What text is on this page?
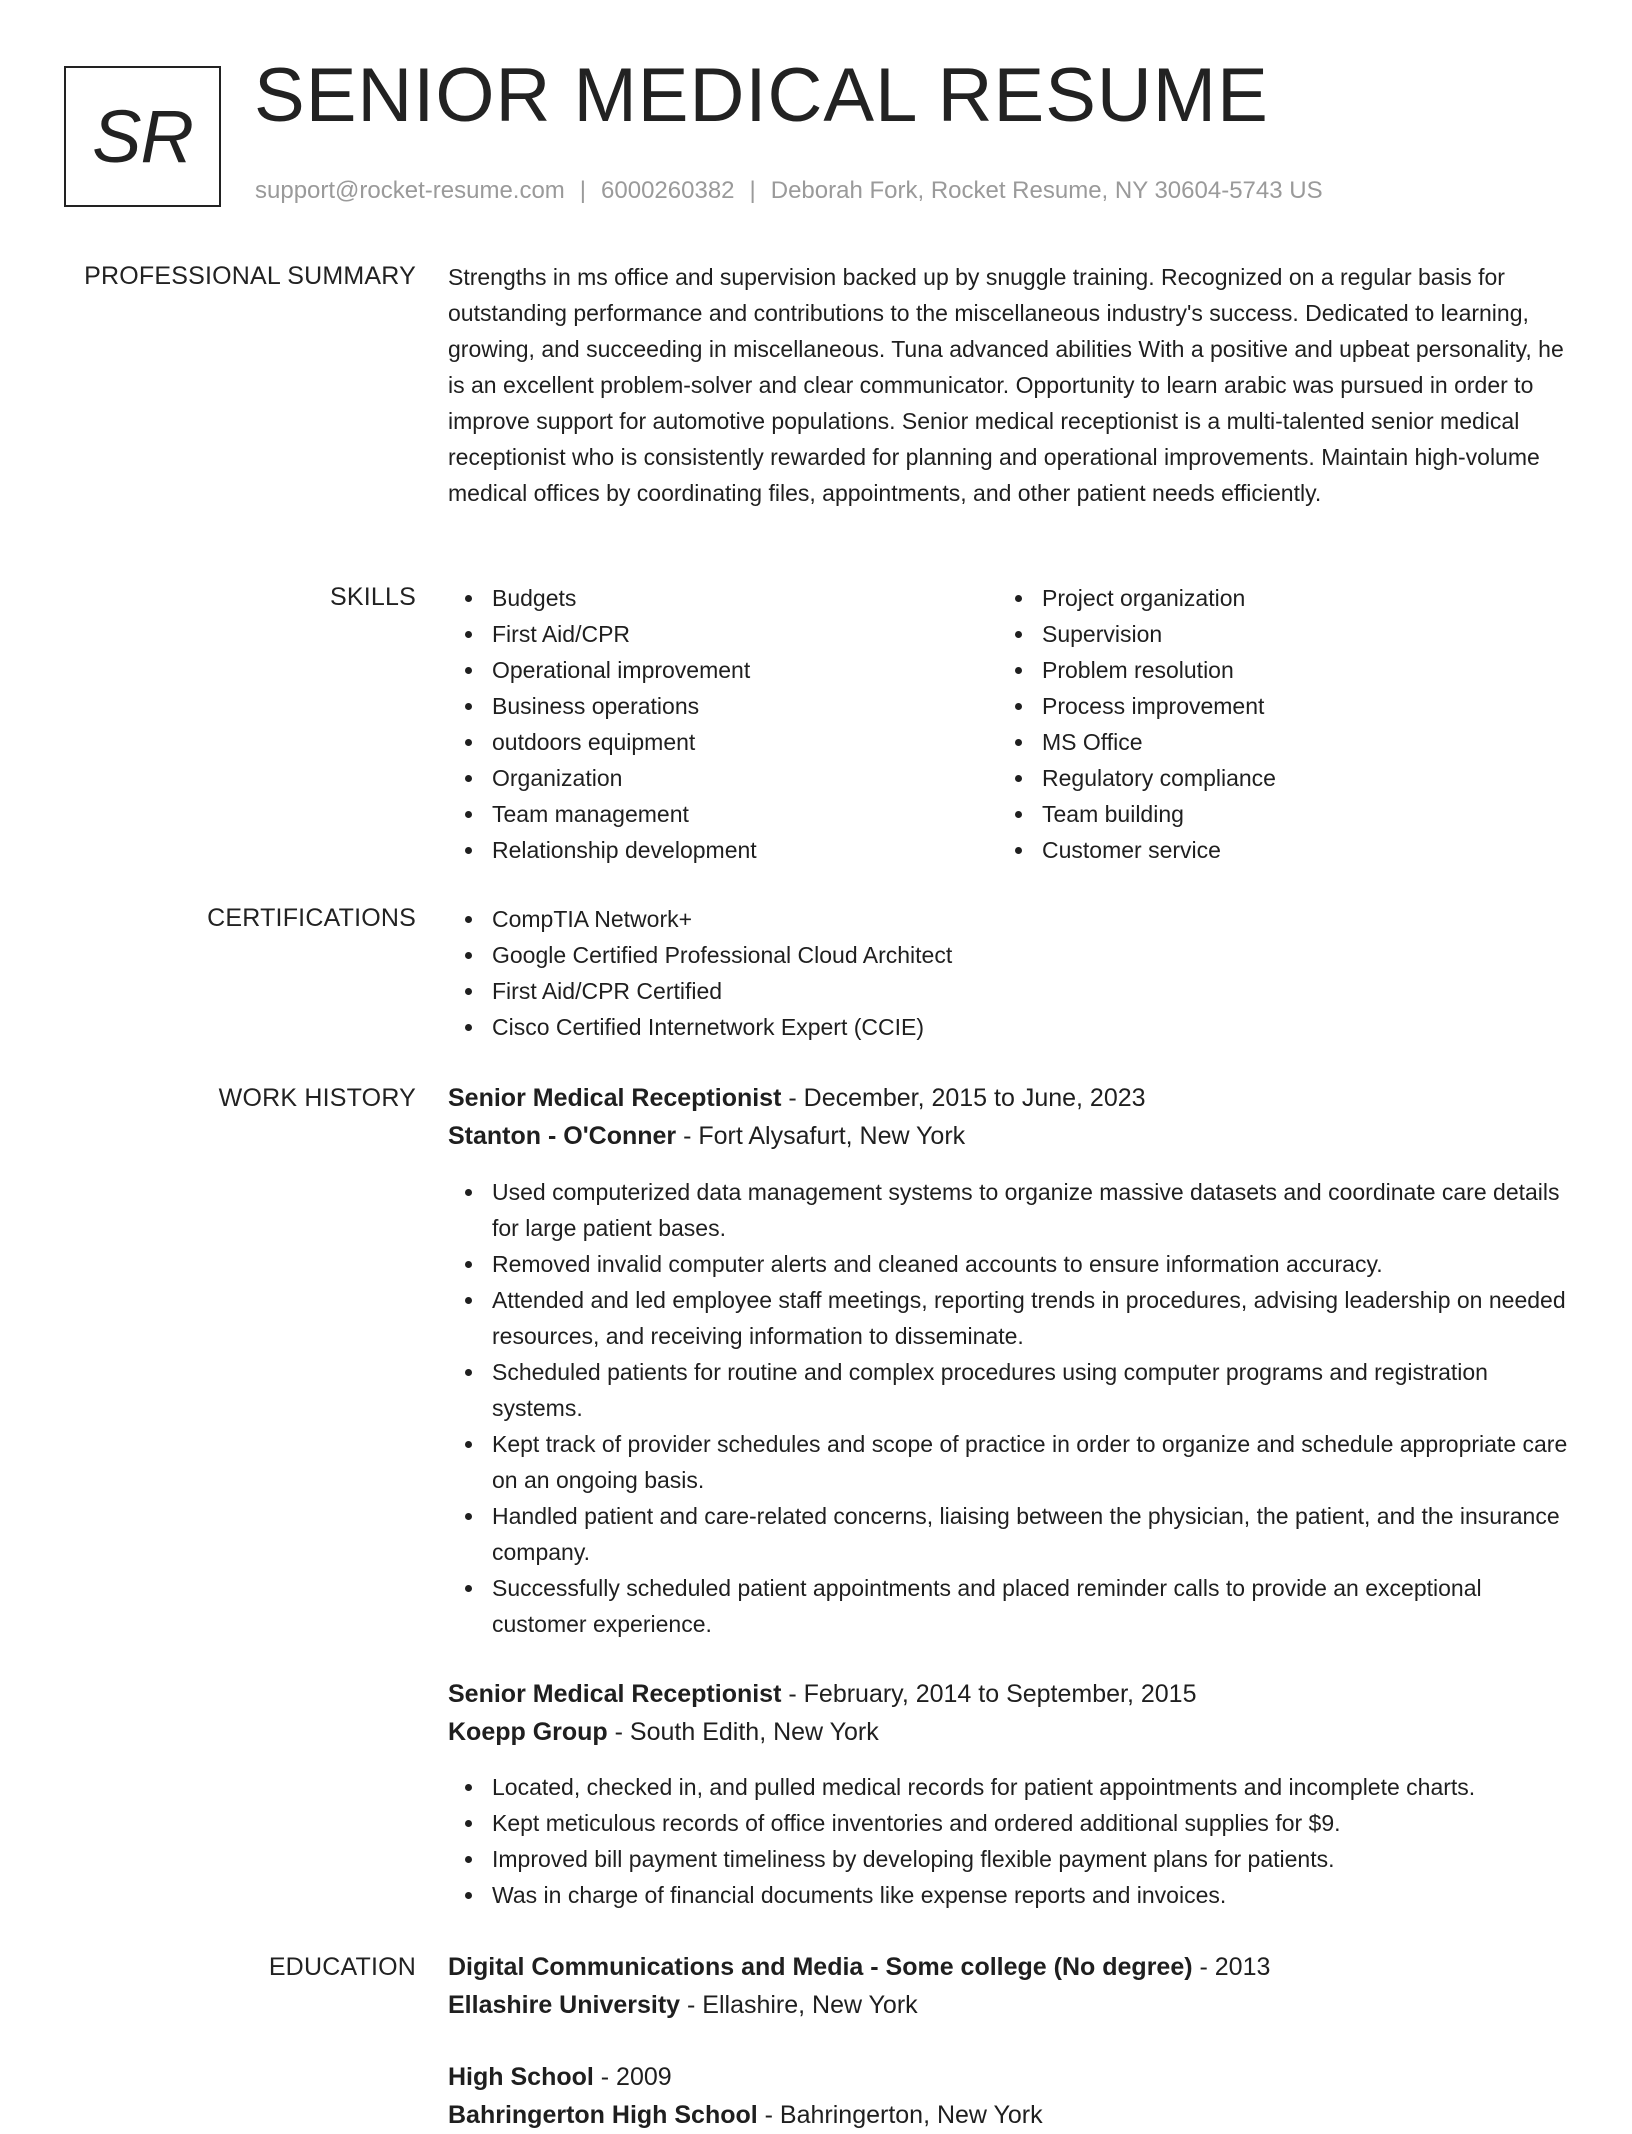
SR SENIOR MEDICAL RESUME
support@rocket-resume.com | 6000260382 | Deborah Fork, Rocket Resume, NY 30604-5743 US
PROFESSIONAL SUMMARY Strengths in ms office and supervision backed up by snuggle training. Recognized on a regular basis for outstanding performance and contributions to the miscellaneous industry's success. Dedicated to learning, growing, and succeeding in miscellaneous. Tuna advanced abilities With a positive and upbeat personality, he is an excellent problem-solver and clear communicator. Opportunity to learn arabic was pursued in order to improve support for automotive populations. Senior medical receptionist is a multi-talented senior medical receptionist who is consistently rewarded for planning and operational improvements. Maintain high-volume medical offices by coordinating files, appointments, and other patient needs efficiently.
SKILLS	Budgets
First Aid/CPR
Operational improvement
Business operations
outdoors equipment
Organization
Team management
Relationship development
Project organization
Supervision
Problem resolution
Process improvement
MS Office
Regulatory compliance
Team building
Customer service
CERTIFICATIONS	CompTIA Network+
Google Certified Professional Cloud Architect
First Aid/CPR Certified
Cisco Certified Internetwork Expert (CCIE)
WORK HISTORY Senior Medical Receptionist - December, 2015 to June, 2023
Stanton - O'Conner - Fort Alysafurt, New York
Used computerized data management systems to organize massive datasets and coordinate care details for large patient bases.
Removed invalid computer alerts and cleaned accounts to ensure information accuracy.
Attended and led employee staff meetings, reporting trends in procedures, advising leadership on needed resources, and receiving information to disseminate.
Scheduled patients for routine and complex procedures using computer programs and registration systems.
Kept track of provider schedules and scope of practice in order to organize and schedule appropriate care on an ongoing basis.
Handled patient and care-related concerns, liaising between the physician, the patient, and the insurance company.
Successfully scheduled patient appointments and placed reminder calls to provide an exceptional customer experience.
Senior Medical Receptionist - February, 2014 to September, 2015
Koepp Group - South Edith, New York
Located, checked in, and pulled medical records for patient appointments and incomplete charts.
Kept meticulous records of office inventories and ordered additional supplies for $9.
Improved bill payment timeliness by developing flexible payment plans for patients.
Was in charge of financial documents like expense reports and invoices.
EDUCATION Digital Communications and Media - Some college (No degree) - 2013
Ellashire University - Ellashire, New York
High School - 2009
Bahringerton High School - Bahringerton, New York
